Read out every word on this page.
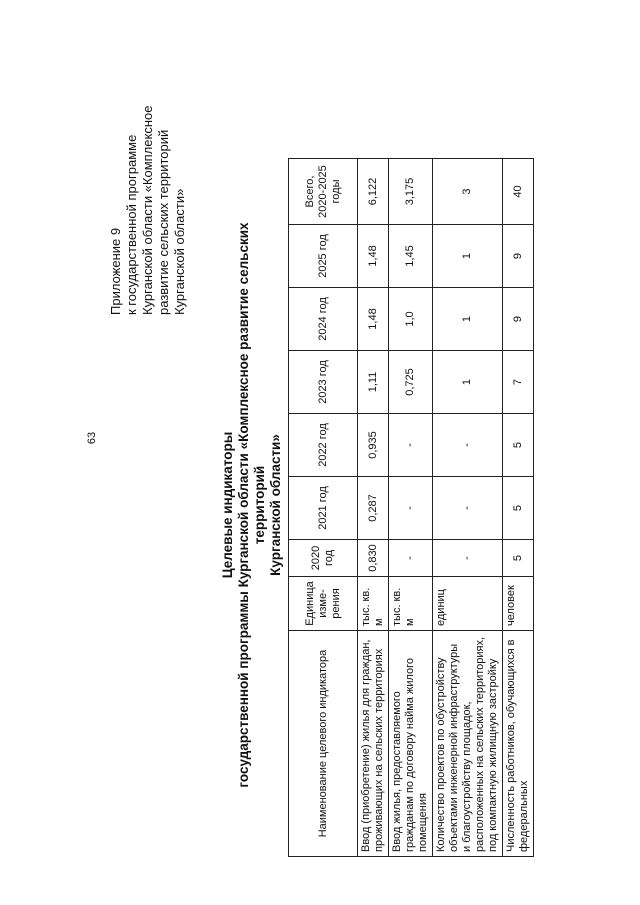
63
Приложение 9 к государственной программе Курганской области «Комплексное развитие сельских территорий Курганской области»
Целевые индикаторы государственной программы Курганской области «Комплексное развитие сельских территорий Курганской области»
Наименование целевого индикатора	Единица изме- рения	2020 год	2021 год	2022 год	2023 год	2024 год	2025 год	Всего, 2020-2025 годы
Ввод (приобретение) жилья для граждан, проживающих на сельских территориях	тыс. кв. м	0,830	0,287	0,935	1,11	1,48	1,48	6,122
Ввод жилья, предоставляемого гражданам по договору найма жилого помещения	тыс. кв. м	-	-	-	0,725	1,0	1,45	3,175
Количество проектов по обустройству объектами инженерной инфраструктуры и благоустройству площадок, расположенных на сельских территориях, под компактную жилищную застройку	единиц	-	-	-	1	1	1	3
Численность работников, обучающихся в федеральных	человек	5	5	5	7	9	9	40
